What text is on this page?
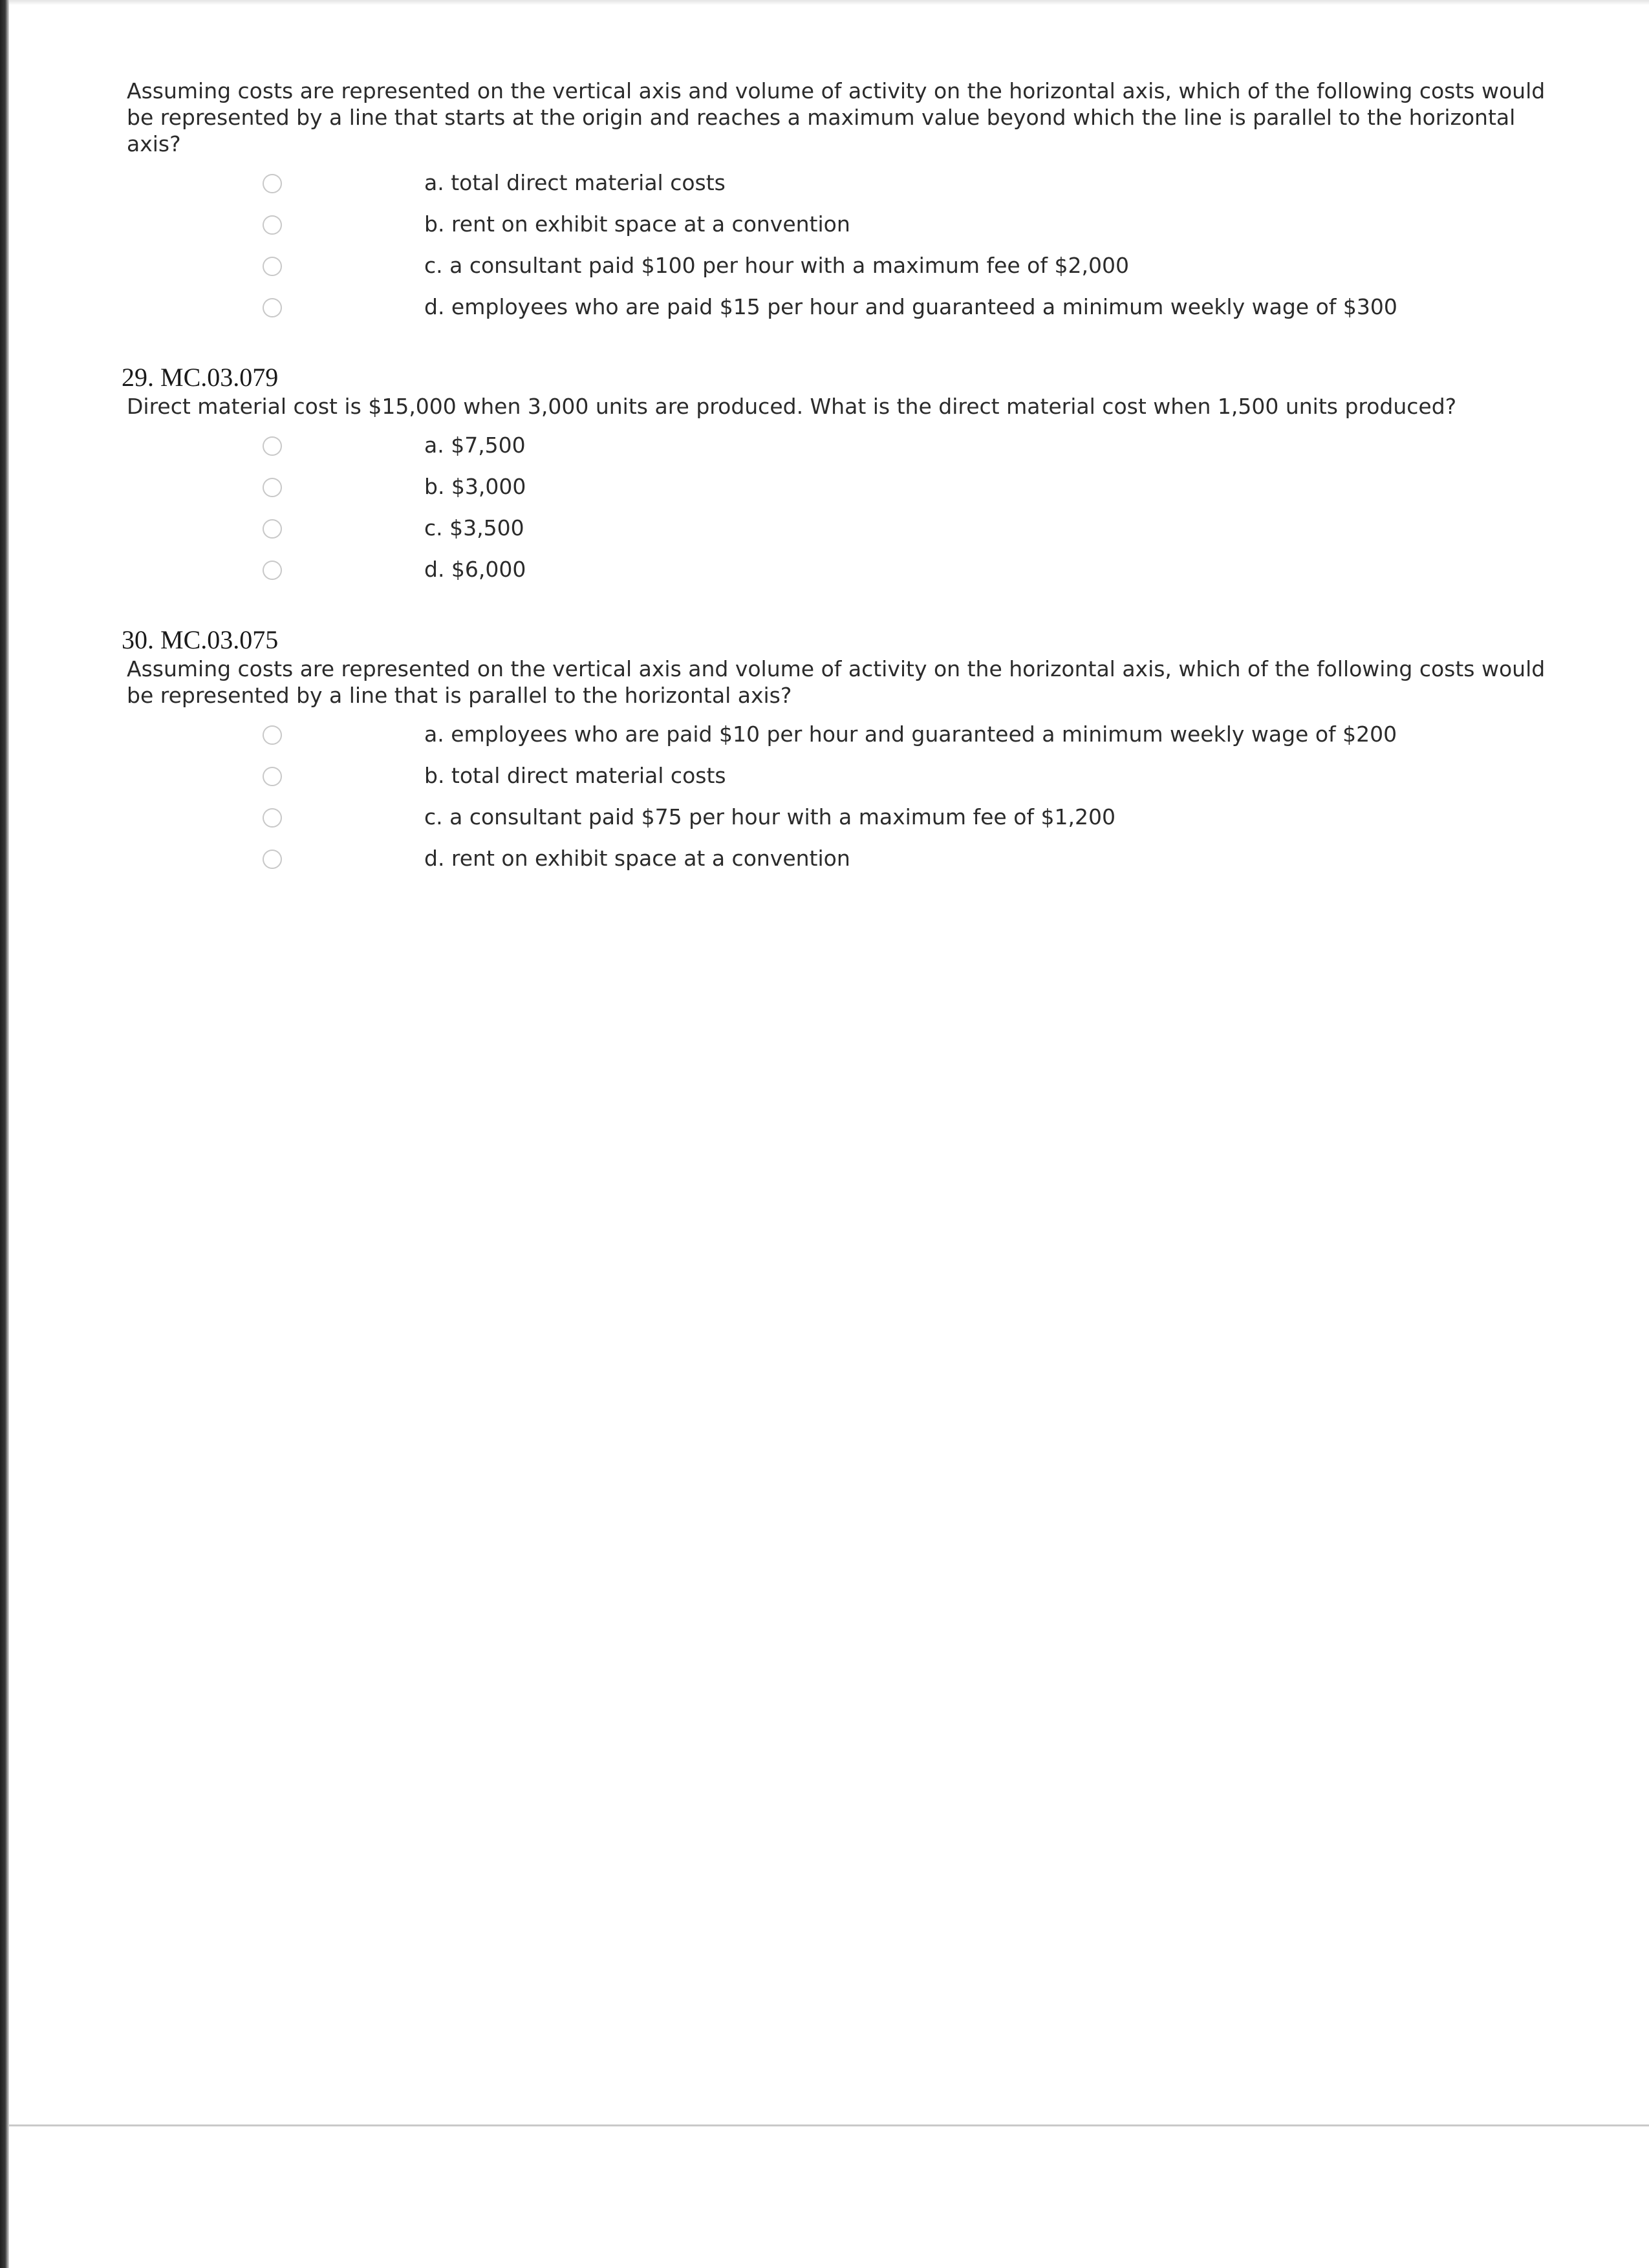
Assuming costs are represented on the vertical axis and volume of activity on the horizontal axis, which of the following costs would be represented by a line that starts at the origin and reaches a maximum value beyond which the line is parallel to the horizontal axis?

a. total direct material costs
b. rent on exhibit space at a convention
c. a consultant paid $100 per hour with a maximum fee of $2,000
d. employees who are paid $15 per hour and guaranteed a minimum weekly wage of $300
29. MC.03.079

Direct material cost is $15,000 when 3,000 units are produced. What is the direct material cost when 1,500 units produced?

a. $7,500
b. $3,000
c. $3,500
d. $6,000
30. MC.03.075

Assuming costs are represented on the vertical axis and volume of activity on the horizontal axis, which of the following costs would be represented by a line that is parallel to the horizontal axis?

a. employees who are paid $10 per hour and guaranteed a minimum weekly wage of $200
b. total direct material costs
c. a consultant paid $75 per hour with a maximum fee of $1,200
d. rent on exhibit space at a convention
